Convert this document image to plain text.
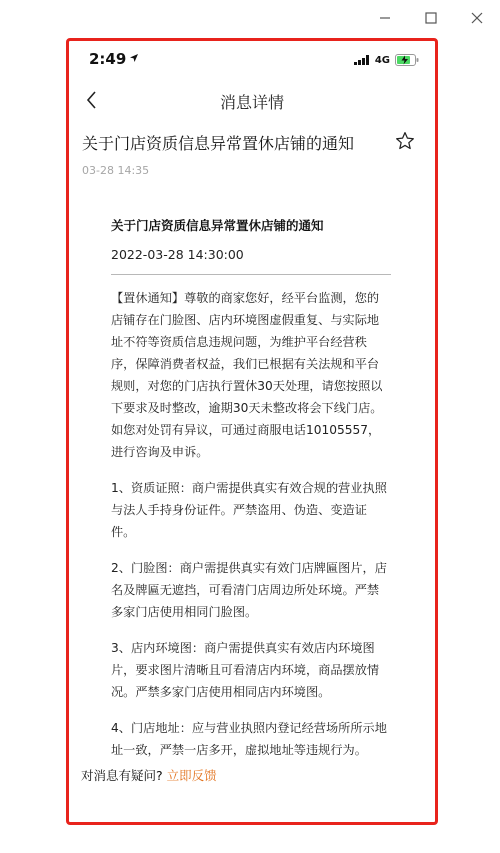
2:49	4G
消息详情
关于门店资质信息异常置休店铺的通知
03-28 14:35
关于门店资质信息异常置休店铺的通知
2022-03-28 14:30:00

【置休通知】尊敬的商家您好，经平台监测，您的店铺存在门脸图、店内环境图虚假重复、与实际地址不符等资质信息违规问题，为维护平台经营秩序，保障消费者权益，我们已根据有关法规和平台规则，对您的门店执行置休30天处理，请您按照以下要求及时整改，逾期30天未整改将会下线门店。如您对处罚有异议，可通过商服电话10105557，进行咨询及申诉。

1、资质证照：商户需提供真实有效合规的营业执照与法人手持身份证件。严禁盗用、伪造、变造证件。

2、门脸图：商户需提供真实有效门店牌匾图片，店名及牌匾无遮挡，可看清门店周边所处环境。严禁多家门店使用相同门脸图。

3、店内环境图：商户需提供真实有效店内环境图片，要求图片清晰且可看清店内环境，商品摆放情况。严禁多家门店使用相同店内环境图。

4、门店地址：应与营业执照内登记经营场所所示地址一致，严禁一店多开，虚拟地址等违规行为。

对消息有疑问? 立即反馈
